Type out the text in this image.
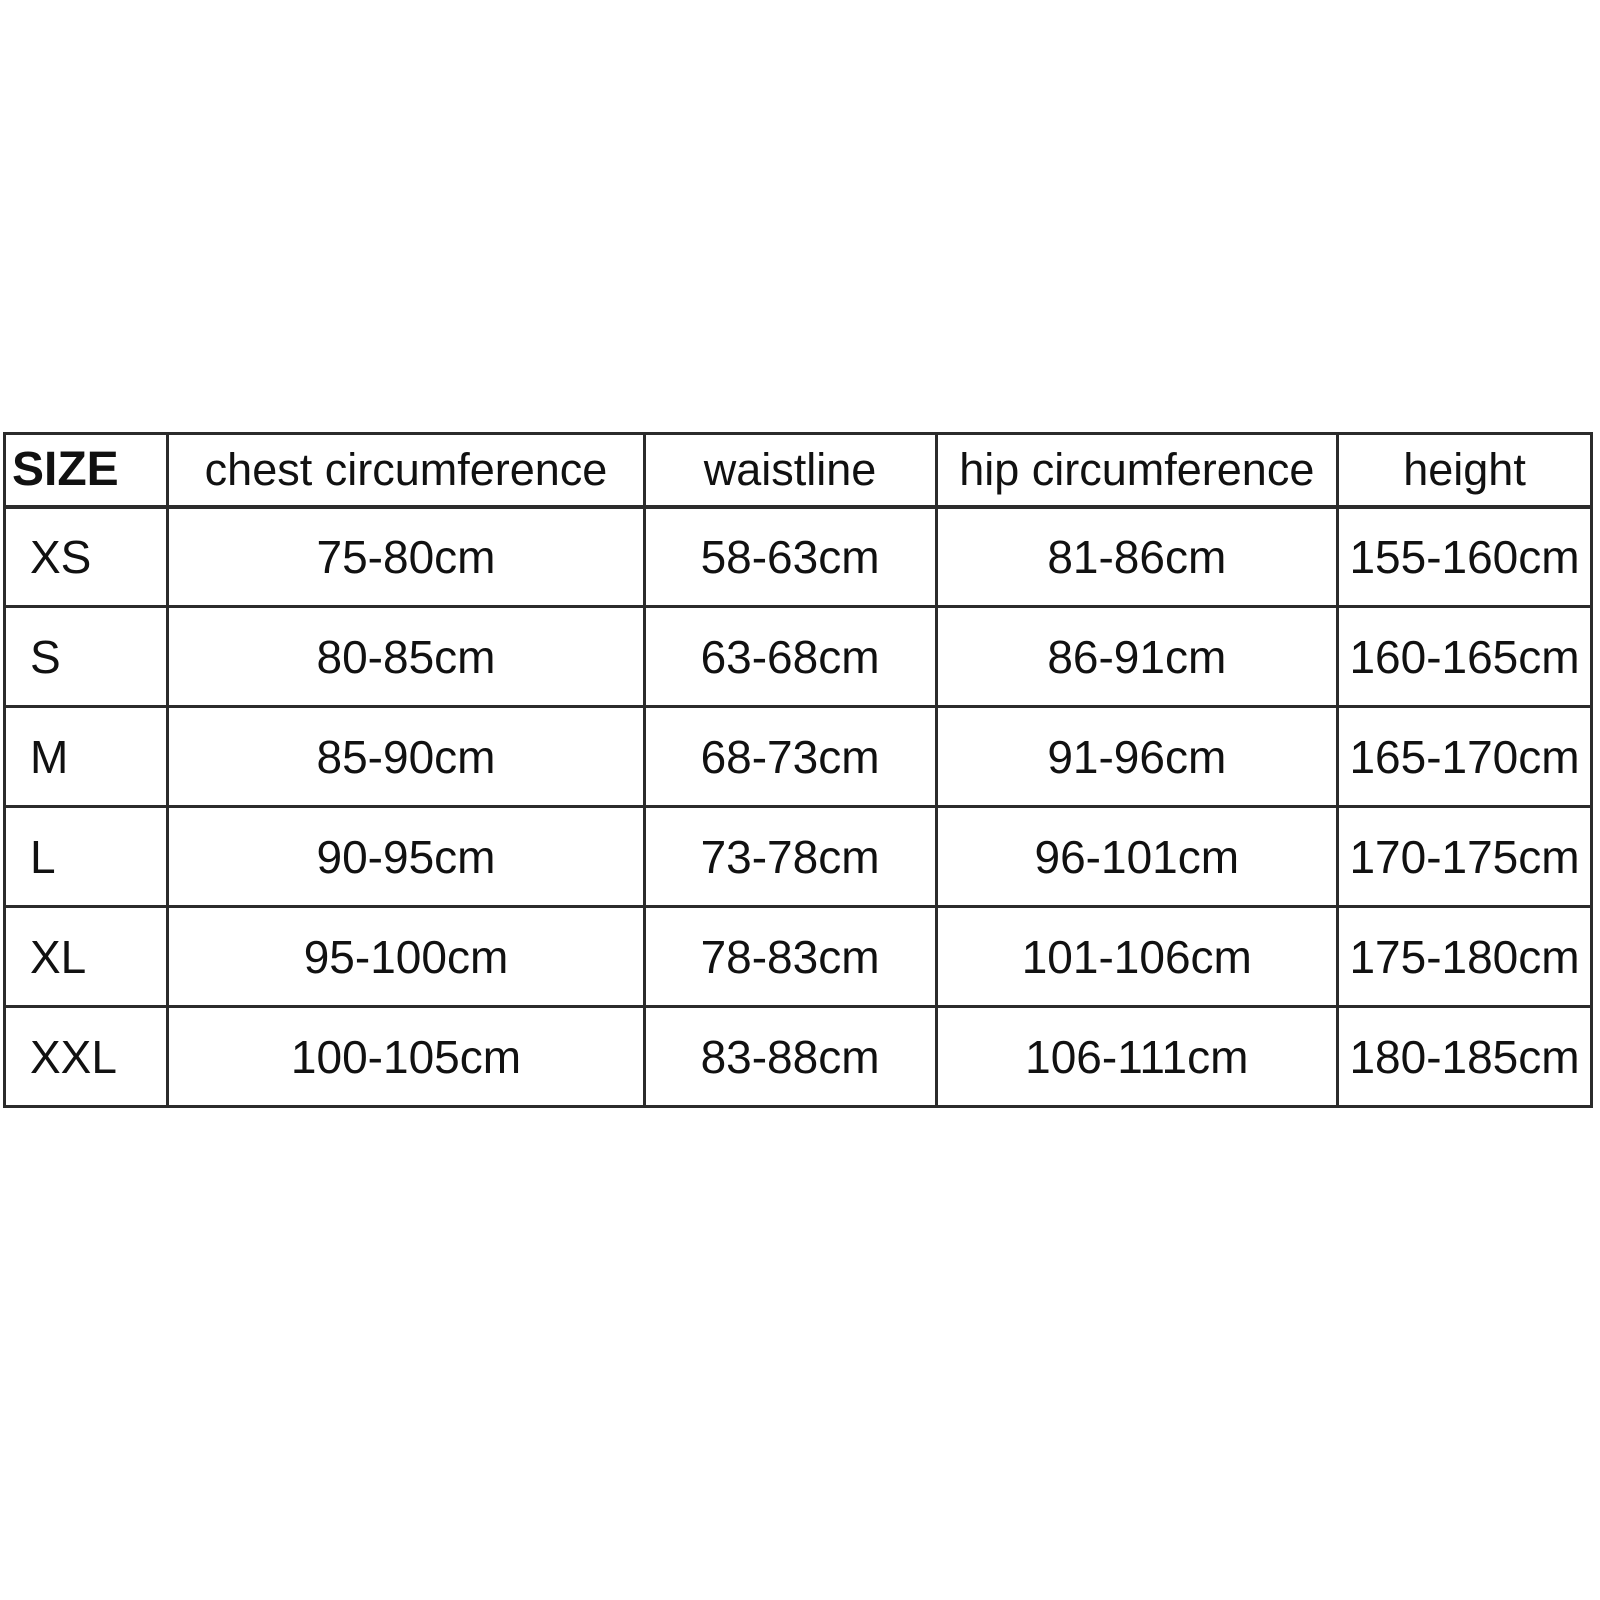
SIZE	chest circumference	waistline	hip circumference	height
XS	75-80cm	58-63cm	81-86cm	155-160cm
S	80-85cm	63-68cm	86-91cm	160-165cm
M	85-90cm	68-73cm	91-96cm	165-170cm
L	90-95cm	73-78cm	96-101cm	170-175cm
XL	95-100cm	78-83cm	101-106cm	175-180cm
XXL	100-105cm	83-88cm	106-111cm	180-185cm
